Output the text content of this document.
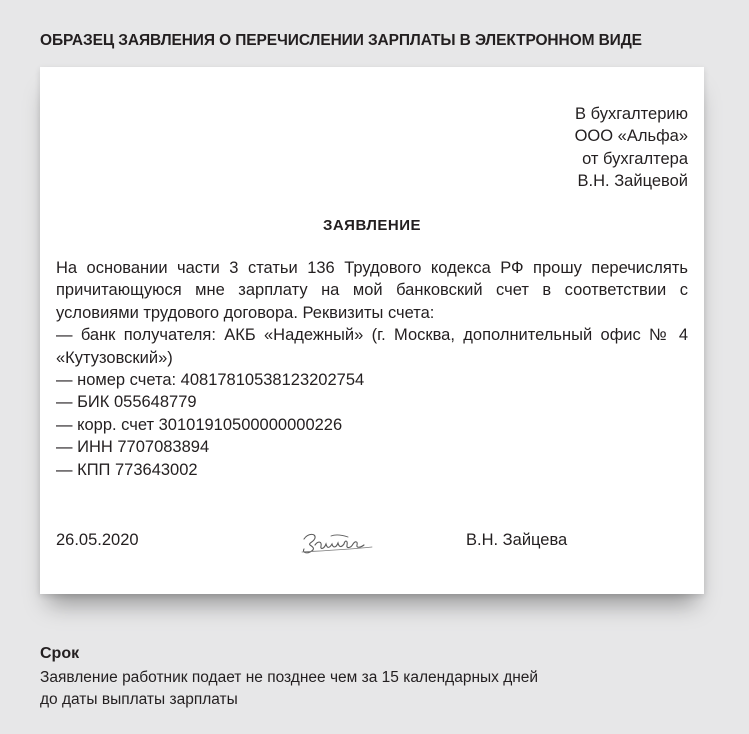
ОБРАЗЕЦ ЗАЯВЛЕНИЯ О ПЕРЕЧИСЛЕНИИ ЗАРПЛАТЫ В ЭЛЕКТРОННОМ ВИДЕ
В бухгалтерию
ООО «Альфа»
от бухгалтера
В.Н. Зайцевой
ЗАЯВЛЕНИЕ
На основании части 3 статьи 136 Трудового кодекса РФ прошу перечислять причитающуюся мне зарплату на мой банковский счет в соответствии с условиями трудового договора. Реквизиты счета:
— банк получателя: АКБ «Надежный» (г. Москва, дополнительный офис № 4
«Кутузовский»)
— номер счета: 40817810538123202754
— БИК 055648779
— корр. счет 30101910500000000226
— ИНН 7707083894
— КПП 773643002
26.05.2020	В.Н. Зайцева
Срок
Заявление работник подает не позднее чем за 15 календарных дней
до даты выплаты зарплаты
